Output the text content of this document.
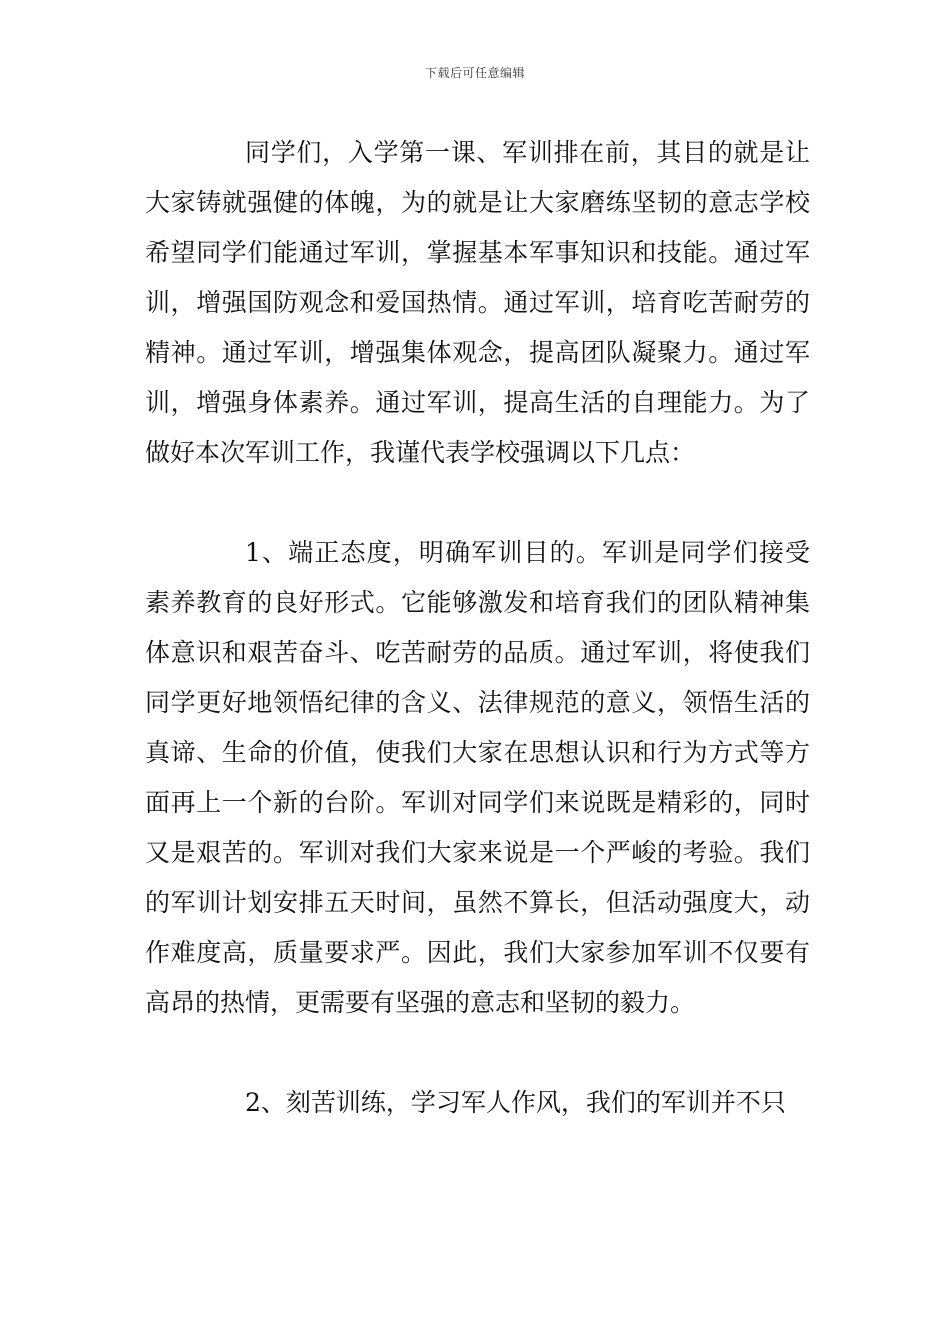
下载后可任意编辑

同学们，入学第一课、军训排在前，其目的就是让大家铸就强健的体魄，为的就是让大家磨练坚韧的意志学校希望同学们能通过军训，掌握基本军事知识和技能。通过军训，增强国防观念和爱国热情。通过军训，培育吃苦耐劳的精神。通过军训，增强集体观念，提高团队凝聚力。通过军训，增强身体素养。通过军训，提高生活的自理能力。为了做好本次军训工作，我谨代表学校强调以下几点：

1、端正态度，明确军训目的。军训是同学们接受素养教育的良好形式。它能够激发和培育我们的团队精神集体意识和艰苦奋斗、吃苦耐劳的品质。通过军训，将使我们同学更好地领悟纪律的含义、法律规范的意义，领悟生活的真谛、生命的价值，使我们大家在思想认识和行为方式等方面再上一个新的台阶。军训对同学们来说既是精彩的，同时又是艰苦的。军训对我们大家来说是一个严峻的考验。我们的军训计划安排五天时间，虽然不算长，但活动强度大，动作难度高，质量要求严。因此，我们大家参加军训不仅要有高昂的热情，更需要有坚强的意志和坚韧的毅力。

2、刻苦训练，学习军人作风，我们的军训并不只
